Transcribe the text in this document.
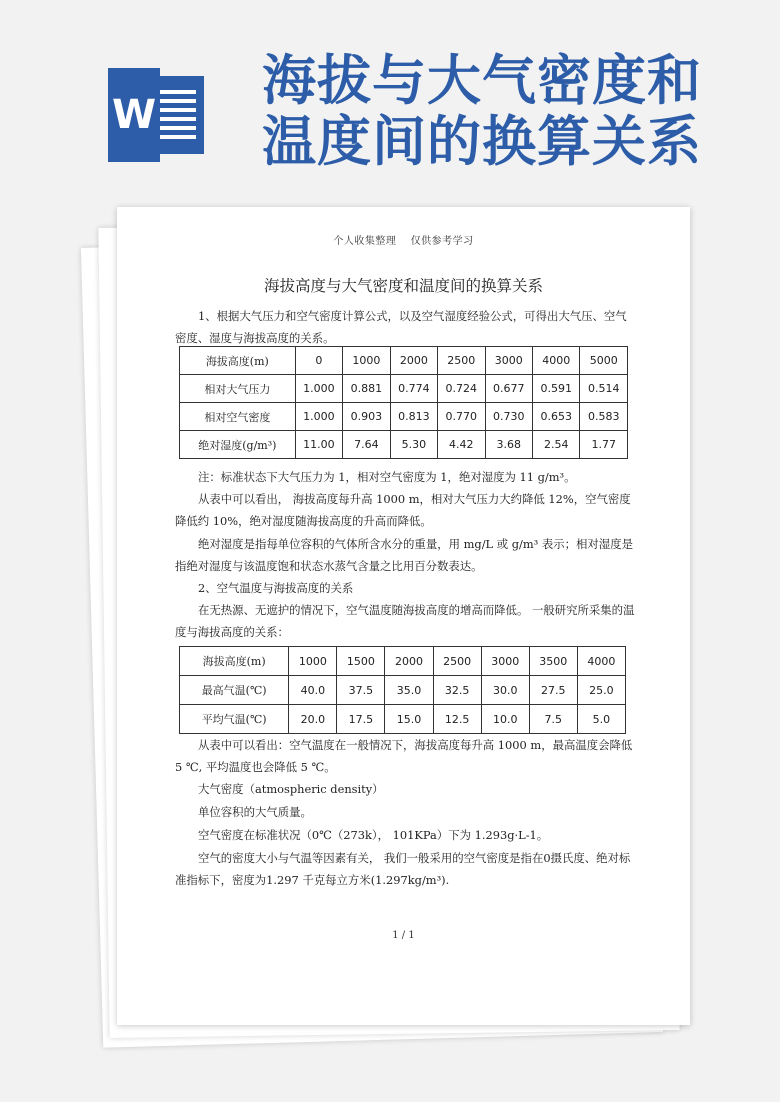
W
海拔与大气密度和
温度间的换算关系
个人收集整理　 仅供参考学习
海拔高度与大气密度和温度间的换算关系
1、根据大气压力和空气密度计算公式，以及空气湿度经验公式，可得出大气压、空气密度、湿度与海拔高度的关系。
海拔高度(m)	0	1000	2000	2500	3000	4000	5000
相对大气压力	1.000	0.881	0.774	0.724	0.677	0.591	0.514
相对空气密度	1.000	0.903	0.813	0.770	0.730	0.653	0.583
绝对湿度(g/m³)	11.00	7.64	5.30	4.42	3.68	2.54	1.77
注：标准状态下大气压力为 1，相对空气密度为 1，绝对湿度为 11 g/m³。
从表中可以看出， 海拔高度每升高 1000 m，相对大气压力大约降低 12%，空气密度降低约 10%，绝对湿度随海拔高度的升高而降低。
绝对湿度是指每单位容积的气体所含水分的重量，用 mg/L 或 g/m³ 表示；相对湿度是指绝对湿度与该温度饱和状态水蒸气含量之比用百分数表达。
2、空气温度与海拔高度的关系
在无热源、无遮护的情况下，空气温度随海拔高度的增高而降低。 一般研究所采集的温度与海拔高度的关系：
海拔高度(m)	1000	1500	2000	2500	3000	3500	4000
最高气温(℃)	40.0	37.5	35.0	32.5	30.0	27.5	25.0
平均气温(℃)	20.0	17.5	15.0	12.5	10.0	7.5	5.0
从表中可以看出：空气温度在一般情况下，海拔高度每升高 1000 m，最高温度会降低 5 ℃, 平均温度也会降低 5 ℃。
大气密度（atmospheric density）
单位容积的大气质量。
空气密度在标准状况（0℃（273k）， 101KPa）下为 1.293g·L-1。
空气的密度大小与气温等因素有关， 我们一般采用的空气密度是指在0摄氏度、绝对标准指标下，密度为1.297 千克每立方米(1.297kg/m³).
1 / 1
